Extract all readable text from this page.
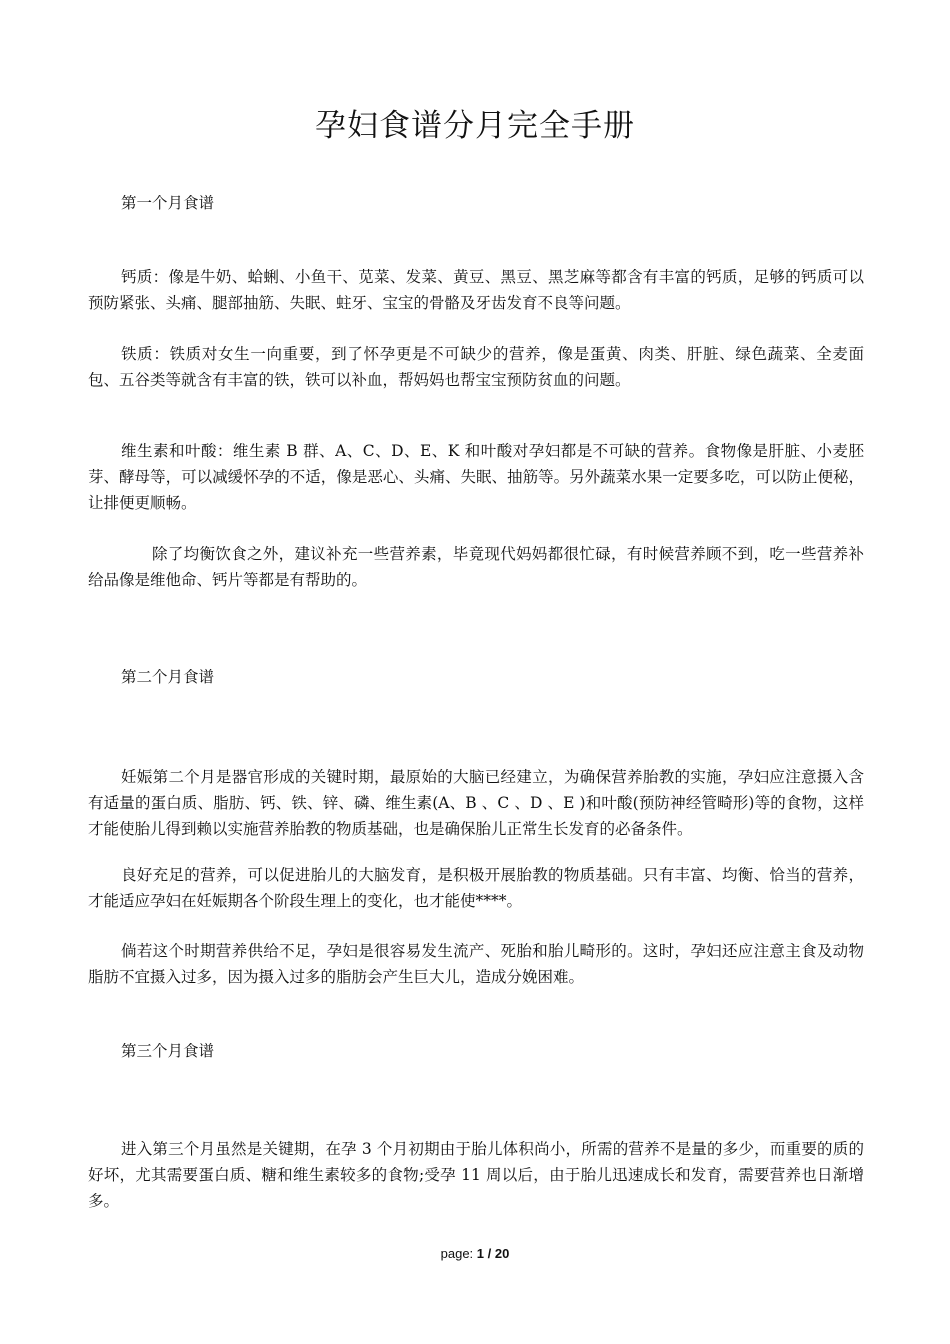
孕妇食谱分月完全手册

第一个月食谱

钙质：像是牛奶、蛤蜊、小鱼干、苋菜、发菜、黄豆、黑豆、黑芝麻等都含有丰富的钙质，足够的钙质可以预防紧张、头痛、腿部抽筋、失眠、蛀牙、宝宝的骨骼及牙齿发育不良等问题。

铁质：铁质对女生一向重要，到了怀孕更是不可缺少的营养，像是蛋黄、肉类、肝脏、绿色蔬菜、全麦面包、五谷类等就含有丰富的铁，铁可以补血，帮妈妈也帮宝宝预防贫血的问题。

维生素和叶酸：维生素 B 群、A、C、D、E、K 和叶酸对孕妇都是不可缺的营养。食物像是肝脏、小麦胚芽、酵母等，可以减缓怀孕的不适，像是恶心、头痛、失眠、抽筋等。另外蔬菜水果一定要多吃，可以防止便秘，让排便更顺畅。

除了均衡饮食之外，建议补充一些营养素，毕竟现代妈妈都很忙碌，有时候营养顾不到，吃一些营养补给品像是维他命、钙片等都是有帮助的。

第二个月食谱

妊娠第二个月是器官形成的关键时期，最原始的大脑已经建立，为确保营养胎教的实施，孕妇应注意摄入含有适量的蛋白质、脂肪、钙、铁、锌、磷、维生素(A、B 、C 、D 、E )和叶酸(预防神经管畸形)等的食物，这样才能使胎儿得到赖以实施营养胎教的物质基础，也是确保胎儿正常生长发育的必备条件。

良好充足的营养，可以促进胎儿的大脑发育，是积极开展胎教的物质基础。只有丰富、均衡、恰当的营养，才能适应孕妇在妊娠期各个阶段生理上的变化，也才能使****。

倘若这个时期营养供给不足，孕妇是很容易发生流产、死胎和胎儿畸形的。这时，孕妇还应注意主食及动物脂肪不宜摄入过多，因为摄入过多的脂肪会产生巨大儿，造成分娩困难。

第三个月食谱

进入第三个月虽然是关键期，在孕 3 个月初期由于胎儿体积尚小，所需的营养不是量的多少，而重要的质的好坏，尤其需要蛋白质、糖和维生素较多的食物;受孕 11 周以后，由于胎儿迅速成长和发育，需要营养也日渐增多。

page: 1 / 20
